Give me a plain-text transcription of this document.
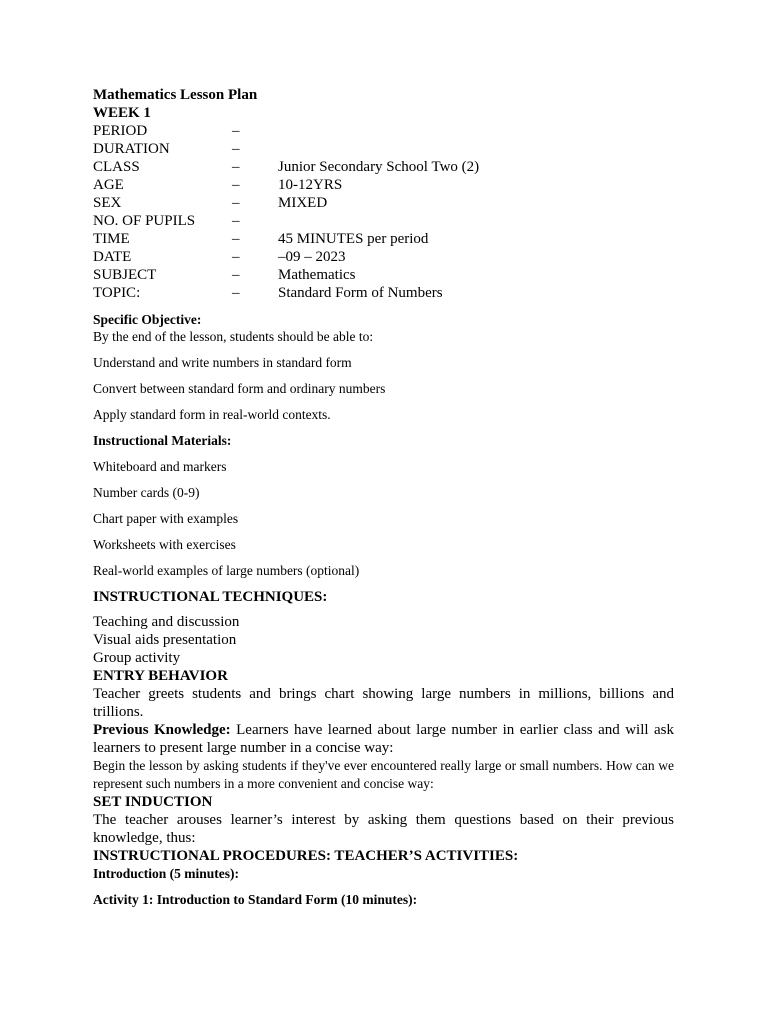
Mathematics Lesson Plan
WEEK 1
PERIOD	–
DURATION	–
CLASS	–	Junior Secondary School Two (2)
AGE	–	10-12YRS
SEX	–	MIXED
NO. OF PUPILS –
TIME	–	45 MINUTES per period
DATE	–	–09 – 2023
SUBJECT	–	Mathematics
TOPIC:	–	Standard Form of Numbers
Specific Objective:
By the end of the lesson, students should be able to:
Understand and write numbers in standard form
Convert between standard form and ordinary numbers
Apply standard form in real-world contexts.
Instructional Materials:
Whiteboard and markers
Number cards (0-9)
Chart paper with examples
Worksheets with exercises
Real-world examples of large numbers (optional)
INSTRUCTIONAL TECHNIQUES:
Teaching and discussion
Visual aids presentation
Group activity
ENTRY BEHAVIOR
Teacher greets students and brings chart showing large numbers in millions, billions and trillions.
Previous Knowledge: Learners have learned about large number in earlier class and will ask learners to present large number in a concise way:
Begin the lesson by asking students if they've ever encountered really large or small numbers. How can we represent such numbers in a more convenient and concise way:
SET INDUCTION
The teacher arouses learner’s interest by asking them questions based on their previous knowledge, thus:
INSTRUCTIONAL PROCEDURES: TEACHER’S ACTIVITIES:
Introduction (5 minutes):
Activity 1: Introduction to Standard Form (10 minutes):
